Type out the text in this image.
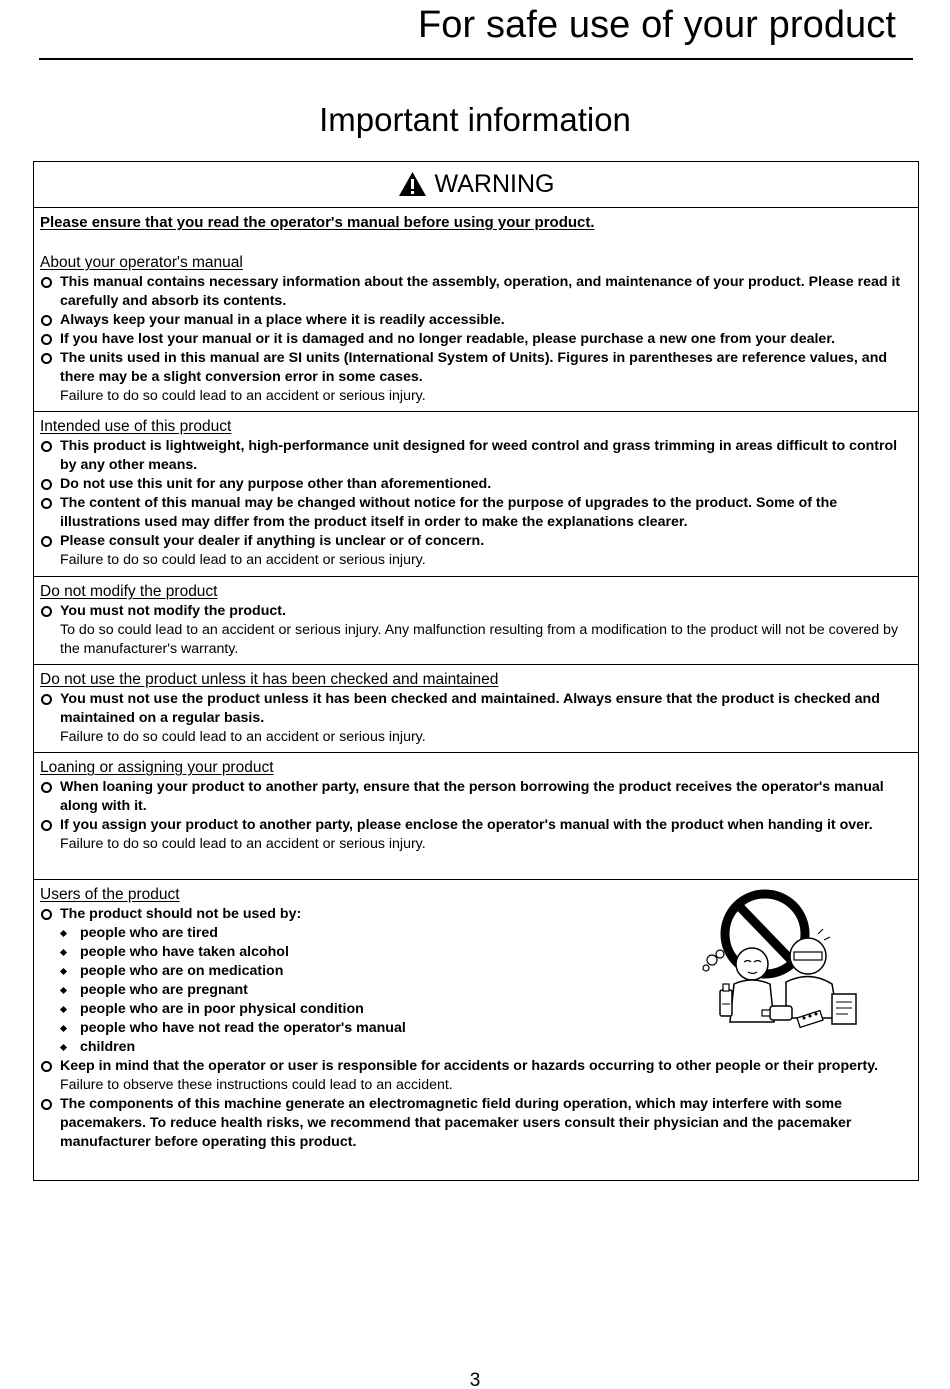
For safe use of your product
Important information
WARNING
Please ensure that you read the operator's manual before using your product.
About your operator's manual
This manual contains necessary information about the assembly, operation, and maintenance of your product. Please read it carefully and absorb its contents.
Always keep your manual in a place where it is readily accessible.
If you have lost your manual or it is damaged and no longer readable, please purchase a new one from your dealer.
The units used in this manual are SI units (International System of Units). Figures in parentheses are reference values, and there may be a slight conversion error in some cases.
Failure to do so could lead to an accident or serious injury.
Intended use of this product
This product is lightweight, high-performance unit designed for weed control and grass trimming in areas difficult to control by any other means.
Do not use this unit for any purpose other than aforementioned.
The content of this manual may be changed without notice for the purpose of upgrades to the product. Some of the illustrations used may differ from the product itself in order to make the explanations clearer.
Please consult your dealer if anything is unclear or of concern.
Failure to do so could lead to an accident or serious injury.
Do not modify the product
You must not modify the product.
To do so could lead to an accident or serious injury. Any malfunction resulting from a modification to the product will not be covered by the manufacturer's warranty.
Do not use the product unless it has been checked and maintained
You must not use the product unless it has been checked and maintained. Always ensure that the product is checked and maintained on a regular basis.
Failure to do so could lead to an accident or serious injury.
Loaning or assigning your product
When loaning your product to another party, ensure that the person borrowing the product receives the operator's manual along with it.
If you assign your product to another party, please enclose the operator's manual with the product when handing it over.
Failure to do so could lead to an accident or serious injury.
Users of the product
The product should not be used by:
people who are tired
people who have taken alcohol
people who are on medication
people who are pregnant
people who are in poor physical condition
people who have not read the operator's manual
children
Keep in mind that the operator or user is responsible for accidents or hazards occurring to other people or their property.
Failure to observe these instructions could lead to an accident.
The components of this machine generate an electromagnetic field during operation, which may interfere with some pacemakers. To reduce health risks, we recommend that pacemaker users consult their physician and the pacemaker manufacturer before operating this product.
3
